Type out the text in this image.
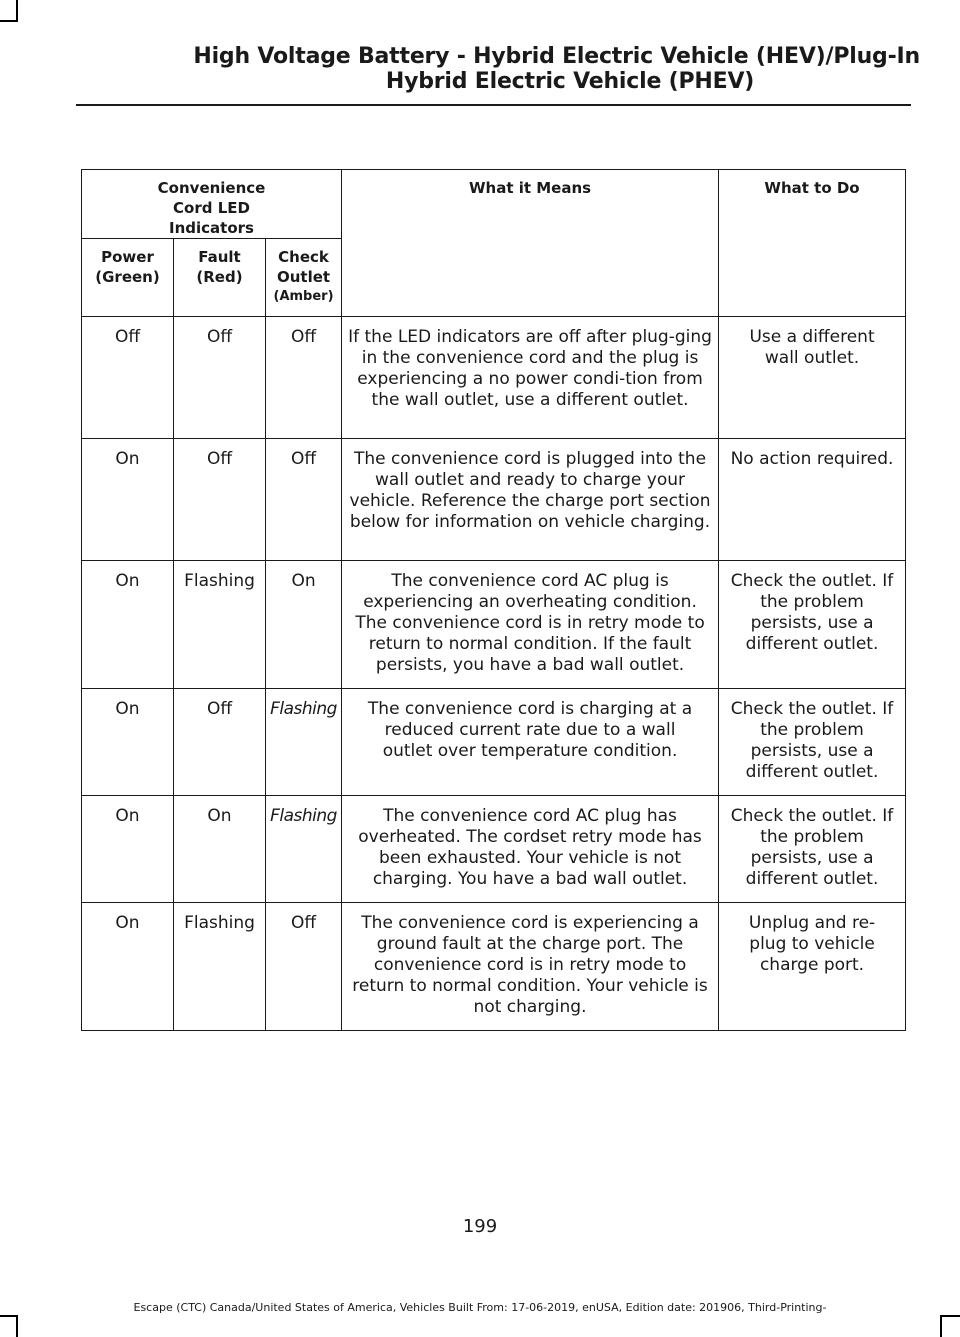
High Voltage Battery - Hybrid Electric Vehicle (HEV)/Plug-In
Hybrid Electric Vehicle (PHEV)
Convenience Cord LED Indicators			What it Means	What to Do

Power (Green)	Fault (Red)	Check Outlet
(Amber)		

Off	Off	Off	If the LED indicators are off after plug-ging in the convenience cord and the plug is experiencing a no power condi-tion from the wall outlet, use a different outlet.	Use a different wall outlet.

On	Off	Off	The convenience cord is plugged into the wall outlet and ready to charge your vehicle. Reference the charge port section below for information on vehicle charging.	No action required.
On	Flashing	On	The convenience cord AC plug is experiencing an overheating condition. The convenience cord is in retry mode to return to normal condition. If the fault persists, you have a bad wall outlet.	Check the outlet. If the problem persists, use a different outlet.

On	Off	Flashing	The convenience cord is charging at a reduced current rate due to a wall outlet over temperature condition.	Check the outlet. If the problem persists, use a different outlet.

On	On	Flashing	The convenience cord AC plug has overheated. The cordset retry mode has been exhausted. Your vehicle is not charging. You have a bad wall outlet.	Check the outlet. If the problem persists, use a different outlet.

On	Flashing	Off	The convenience cord is experiencing a ground fault at the charge port. The convenience cord is in retry mode to return to normal condition. Your vehicle is not charging.	Unplug and re-plug to vehicle charge port.
199
Escape (CTC) Canada/United States of America, Vehicles Built From: 17-06-2019, enUSA, Edition date: 201906, Third-Printing-
